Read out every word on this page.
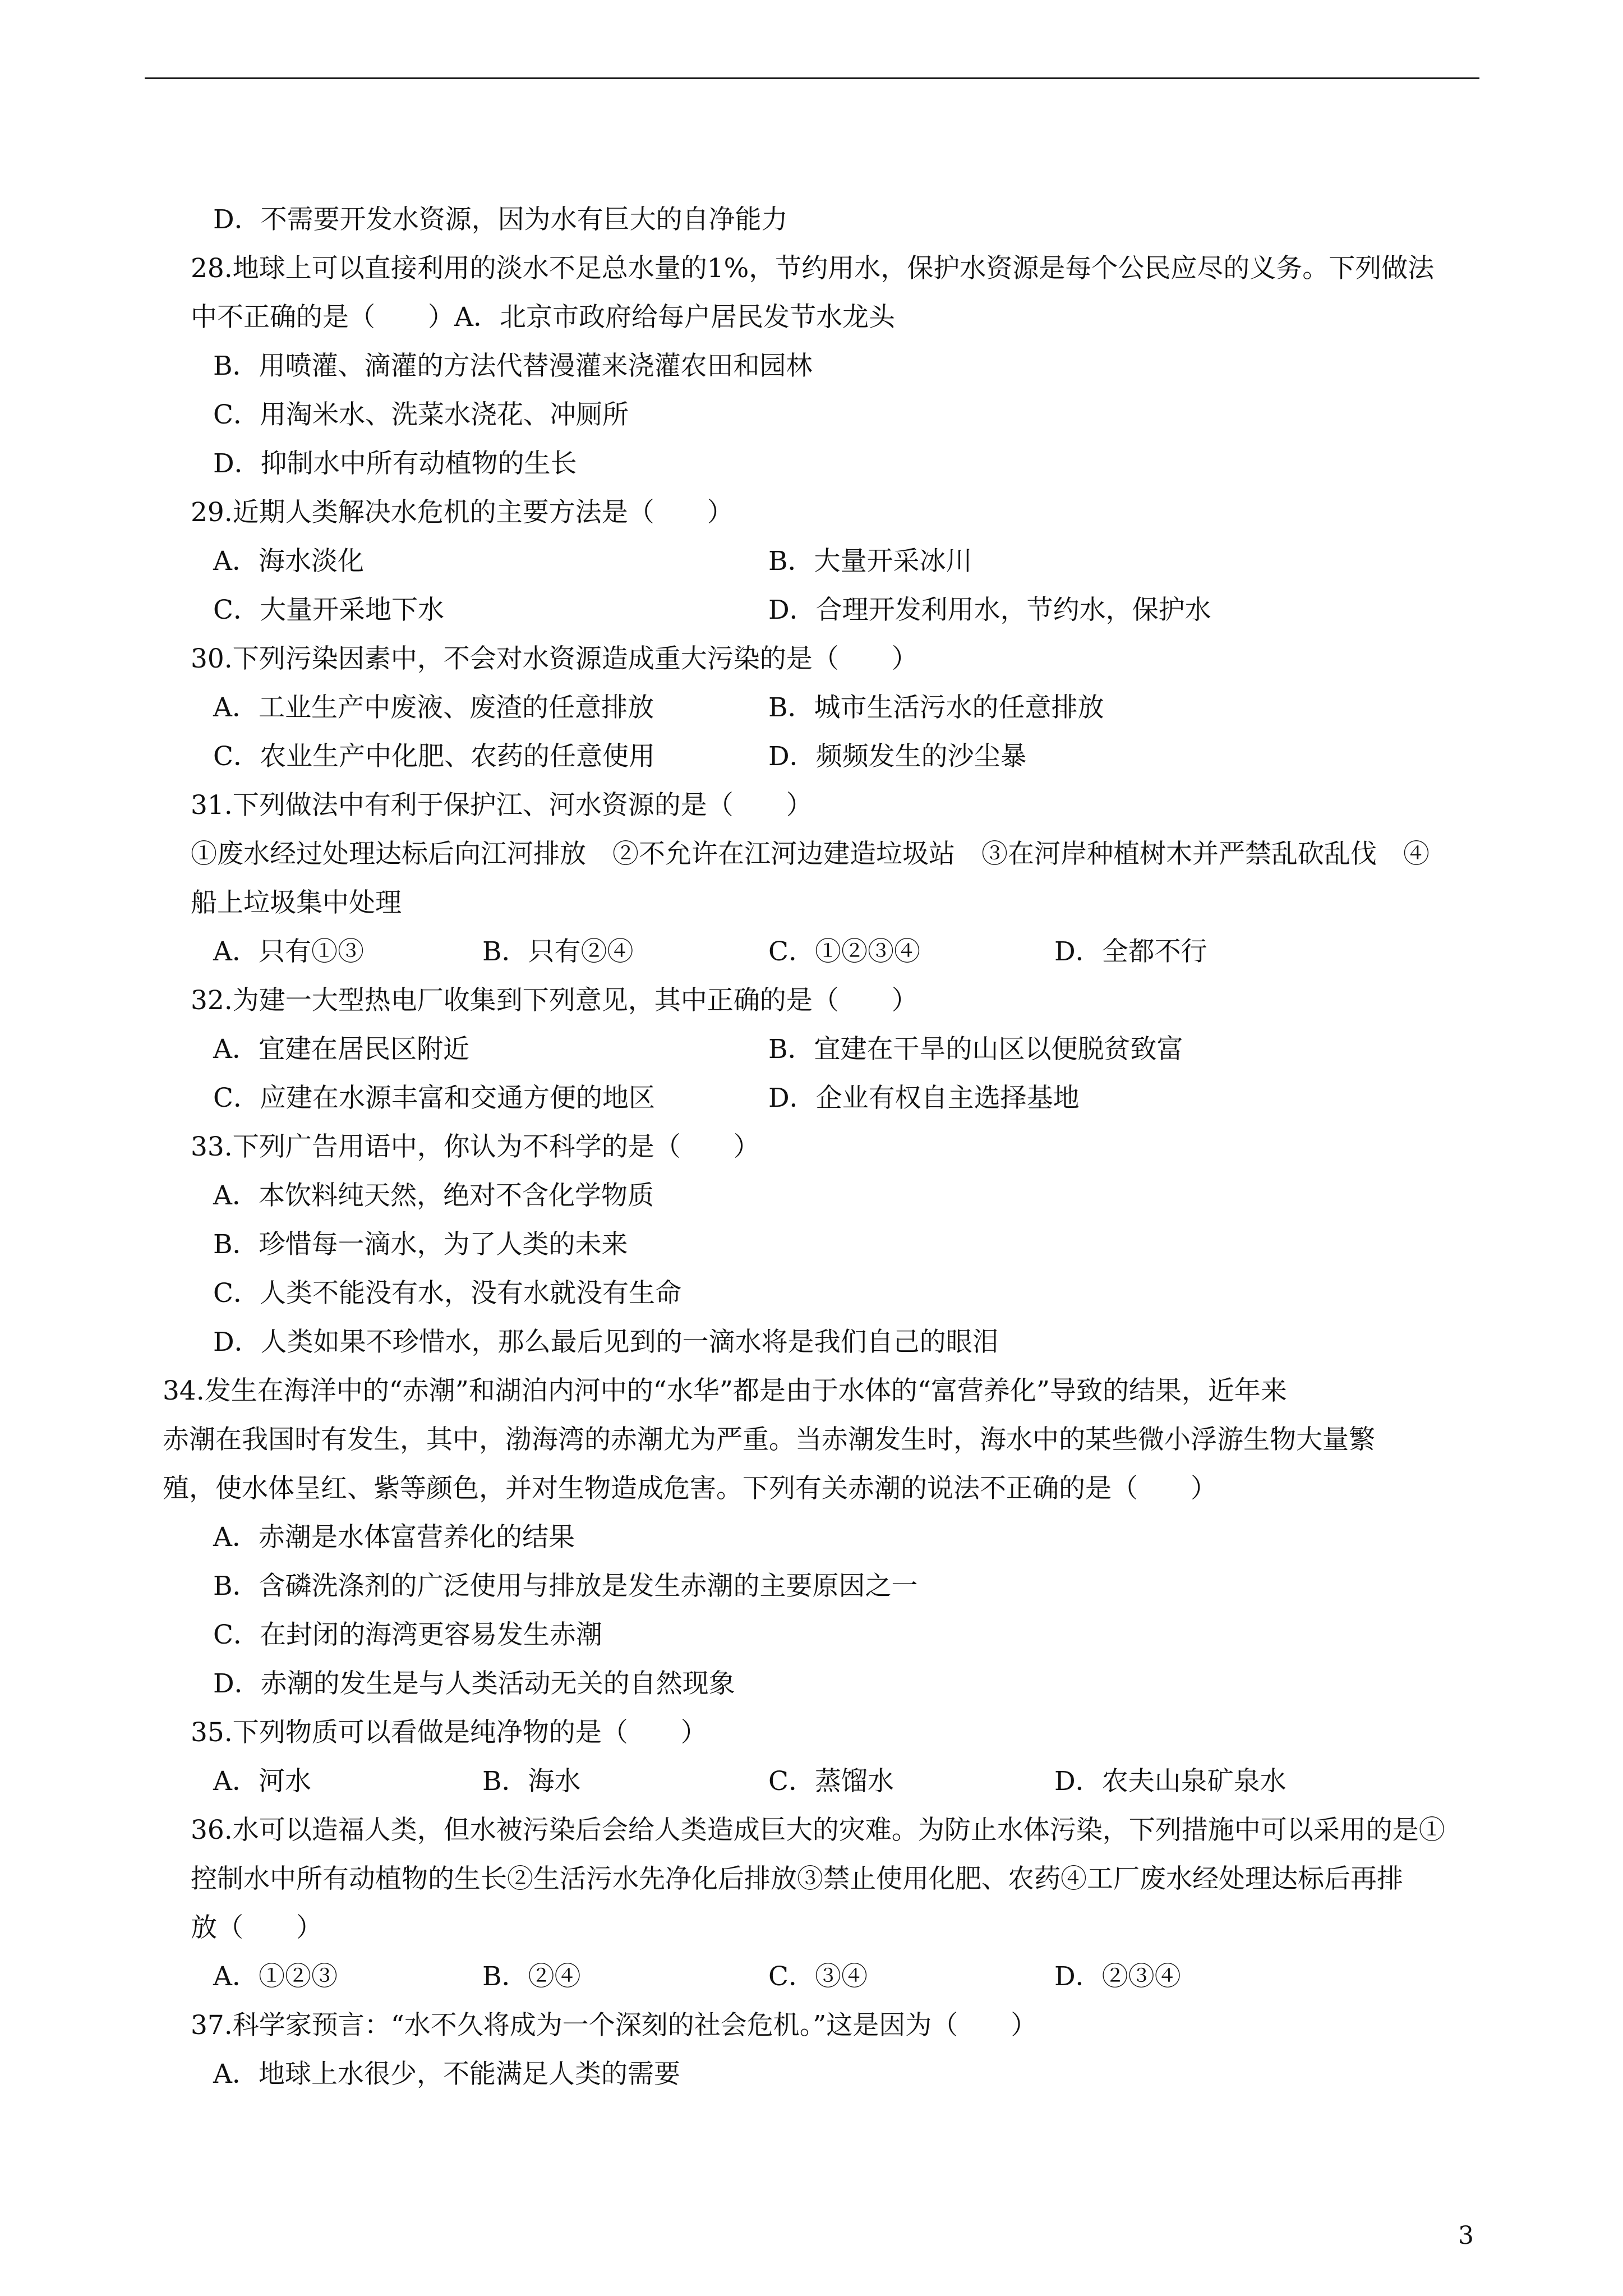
D．不需要开发水资源，因为水有巨大的自净能力
28.地球上可以直接利用的淡水不足总水量的1%，节约用水，保护水资源是每个公民应尽的义务。下列做法
中不正确的是（　　）A．北京市政府给每户居民发节水龙头
B．用喷灌、滴灌的方法代替漫灌来浇灌农田和园林
C．用淘米水、洗菜水浇花、冲厕所
D．抑制水中所有动植物的生长
29.近期人类解决水危机的主要方法是（　　）
A．海水淡化	B．大量开采冰川
C．大量开采地下水	D．合理开发利用水，节约水，保护水
30.下列污染因素中，不会对水资源造成重大污染的是（　　）
A．工业生产中废液、废渣的任意排放	B．城市生活污水的任意排放
C．农业生产中化肥、农药的任意使用	D．频频发生的沙尘暴
31.下列做法中有利于保护江、河水资源的是（　　）
①废水经过处理达标后向江河排放　②不允许在江河边建造垃圾站　③在河岸种植树木并严禁乱砍乱伐　④
船上垃圾集中处理
A．只有①③	B．只有②④	C．①②③④	D．全都不行
32.为建一大型热电厂收集到下列意见，其中正确的是（　　）
A．宜建在居民区附近	B．宜建在干旱的山区以便脱贫致富
C．应建在水源丰富和交通方便的地区	D．企业有权自主选择基地
33.下列广告用语中，你认为不科学的是（　　）
A．本饮料纯天然，绝对不含化学物质
B．珍惜每一滴水，为了人类的未来
C．人类不能没有水，没有水就没有生命
D．人类如果不珍惜水，那么最后见到的一滴水将是我们自己的眼泪
34.发生在海洋中的“赤潮”和湖泊内河中的“水华”都是由于水体的“富营养化”导致的结果，近年来
赤潮在我国时有发生，其中，渤海湾的赤潮尤为严重。当赤潮发生时，海水中的某些微小浮游生物大量繁
殖，使水体呈红、紫等颜色，并对生物造成危害。下列有关赤潮的说法不正确的是（　　）
A．赤潮是水体富营养化的结果
B．含磷洗涤剂的广泛使用与排放是发生赤潮的主要原因之一
C．在封闭的海湾更容易发生赤潮
D．赤潮的发生是与人类活动无关的自然现象
35.下列物质可以看做是纯净物的是（　　）
A．河水	B．海水	C．蒸馏水	D．农夫山泉矿泉水
36.水可以造福人类，但水被污染后会给人类造成巨大的灾难。为防止水体污染，下列措施中可以采用的是①
控制水中所有动植物的生长②生活污水先净化后排放③禁止使用化肥、农药④工厂废水经处理达标后再排
放（　　）
A．①②③	B．②④	C．③④	D．②③④
37.科学家预言：“水不久将成为一个深刻的社会危机。”这是因为（　　）
A．地球上水很少，不能满足人类的需要
3
